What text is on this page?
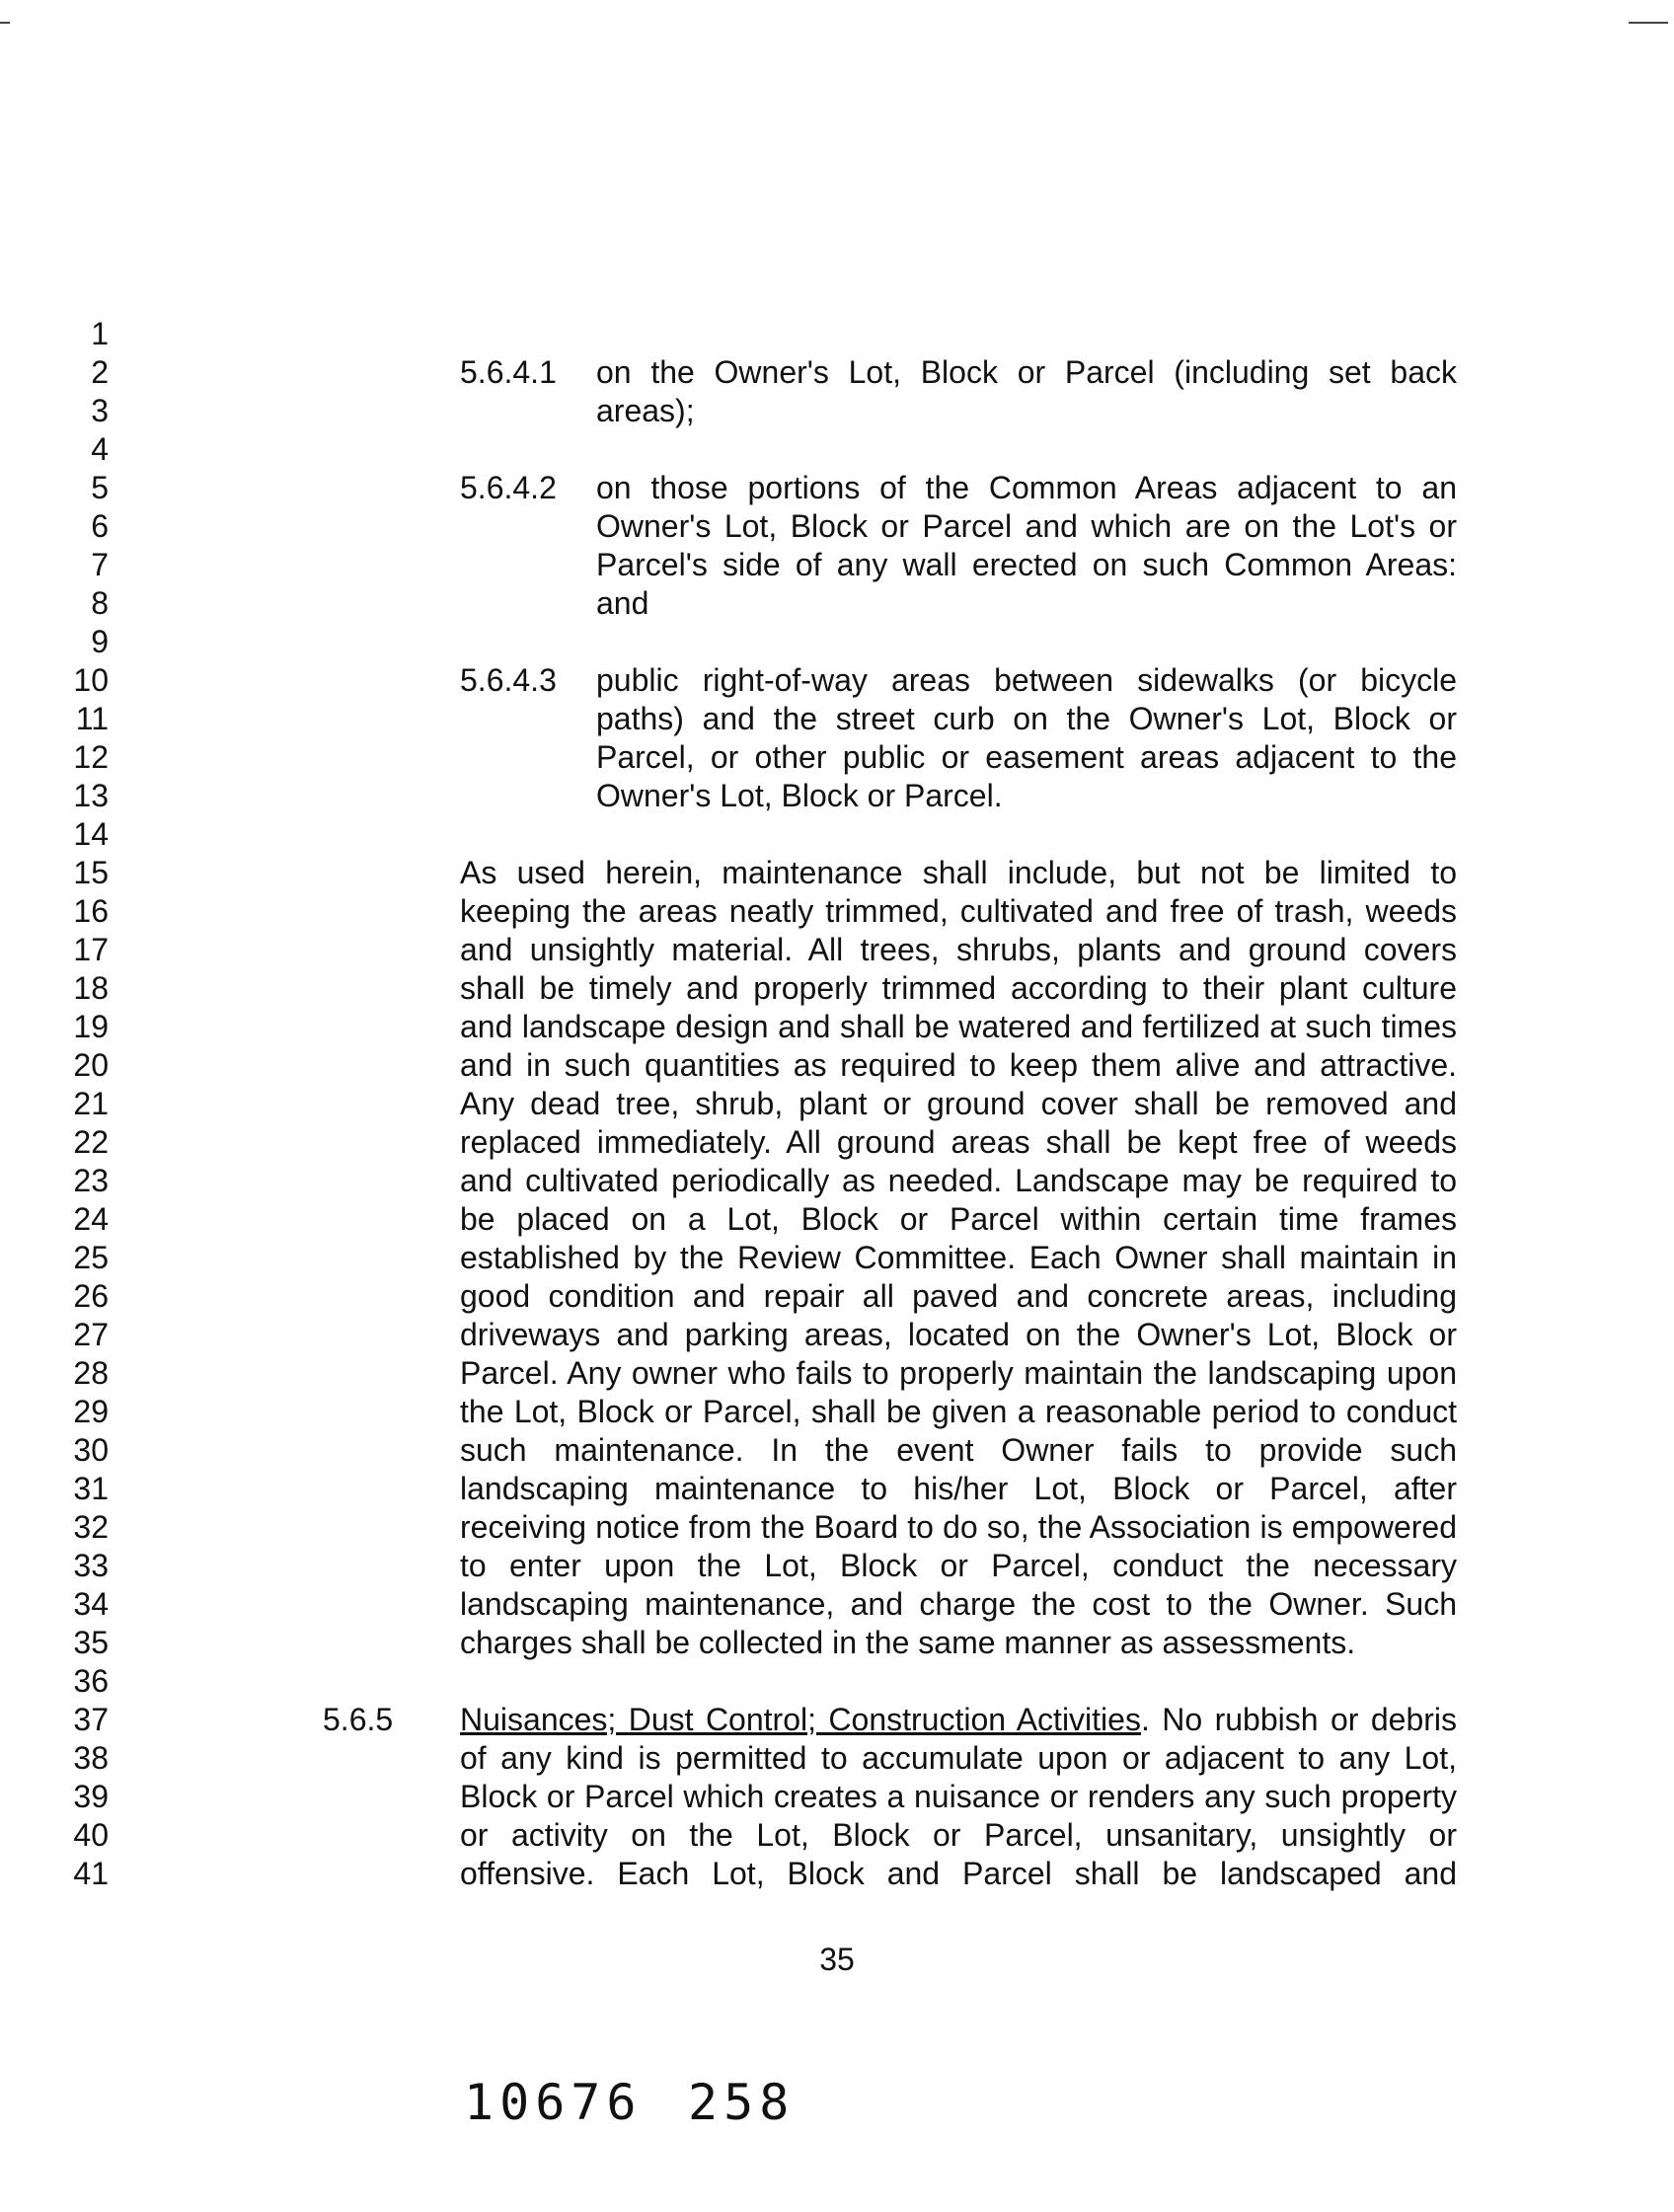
1
2
3
4
5
6
7
8
9
10
11
12
13
14
15
16
17
18
19
20
21
22
23
24
25
26
27
28
29
30
31
32
33
34
35
36
37
38
39
40
41
5.6.4.1 on the Owner's Lot, Block or Parcel (including set back
areas);
5.6.4.2 on those portions of the Common Areas adjacent to an
Owner's Lot, Block or Parcel and which are on the Lot's or
Parcel's side of any wall erected on such Common Areas:
and
5.6.4.3 public right-of-way areas between sidewalks (or bicycle
paths) and the street curb on the Owner's Lot, Block or
Parcel, or other public or easement areas adjacent to the
Owner's Lot, Block or Parcel.
As used herein, maintenance shall include, but not be limited to
keeping the areas neatly trimmed, cultivated and free of trash, weeds
and unsightly material. All trees, shrubs, plants and ground covers
shall be timely and properly trimmed according to their plant culture
and landscape design and shall be watered and fertilized at such times
and in such quantities as required to keep them alive and attractive.
Any dead tree, shrub, plant or ground cover shall be removed and
replaced immediately. All ground areas shall be kept free of weeds
and cultivated periodically as needed. Landscape may be required to
be placed on a Lot, Block or Parcel within certain time frames
established by the Review Committee. Each Owner shall maintain in
good condition and repair all paved and concrete areas, including
driveways and parking areas, located on the Owner's Lot, Block or
Parcel. Any owner who fails to properly maintain the landscaping upon
the Lot, Block or Parcel, shall be given a reasonable period to conduct
such maintenance. In the event Owner fails to provide such
landscaping maintenance to his/her Lot, Block or Parcel, after
receiving notice from the Board to do so, the Association is empowered
to enter upon the Lot, Block or Parcel, conduct the necessary
landscaping maintenance, and charge the cost to the Owner. Such
charges shall be collected in the same manner as assessments.
5.6.5 Nuisances; Dust Control; Construction Activities. No rubbish or debris
of any kind is permitted to accumulate upon or adjacent to any Lot,
Block or Parcel which creates a nuisance or renders any such property
or activity on the Lot, Block or Parcel, unsanitary, unsightly or
offensive. Each Lot, Block and Parcel shall be landscaped and
35
10676 258
